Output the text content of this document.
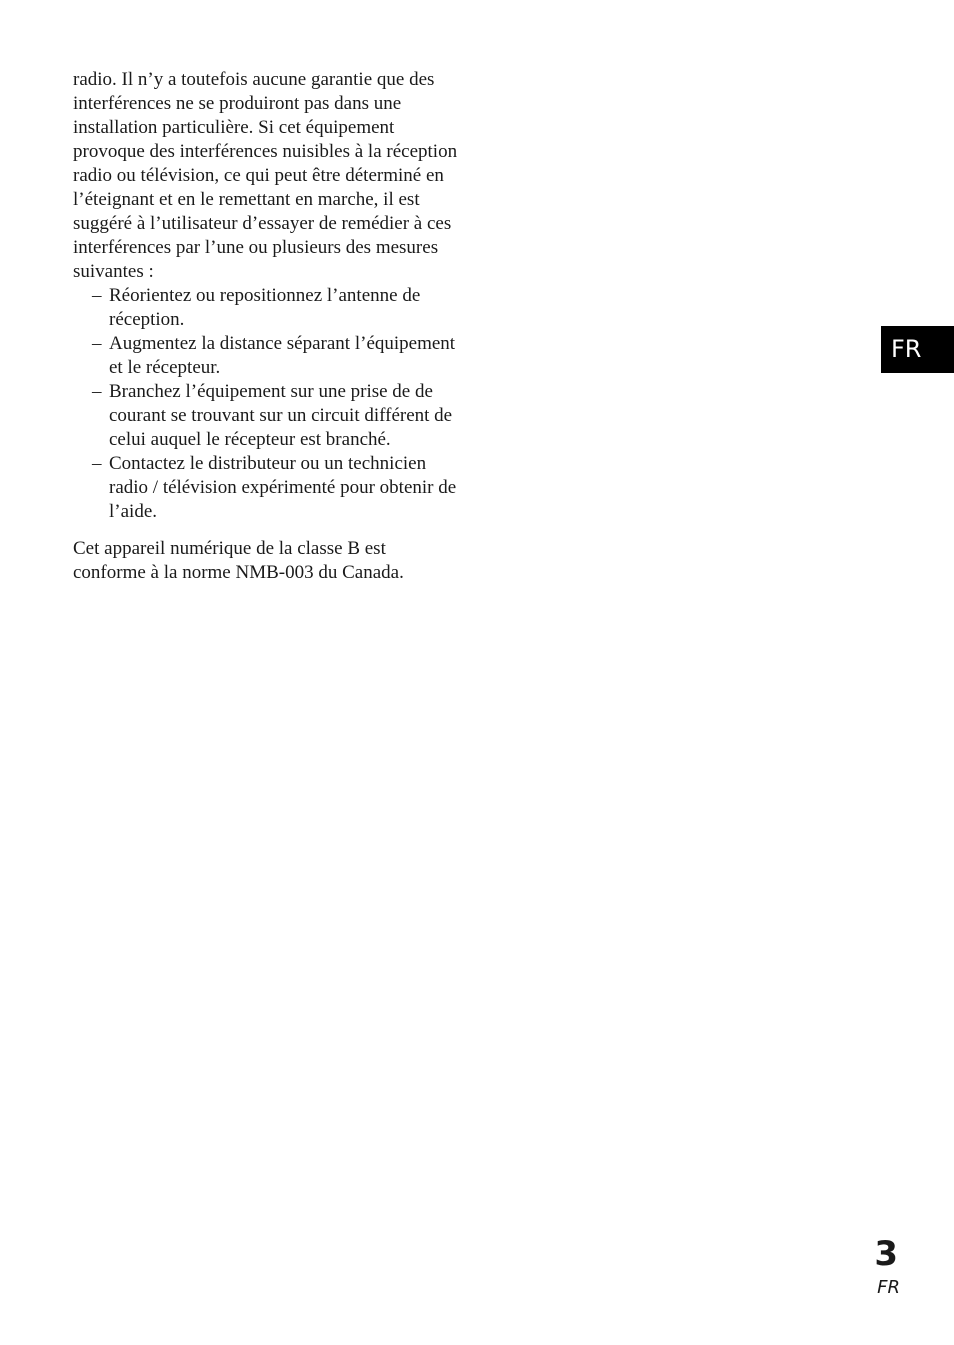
radio. Il n’y a toutefois aucune garantie que des interférences ne se produiront pas dans une installation particulière. Si cet équipement provoque des interférences nuisibles à la réception radio ou télévision, ce qui peut être déterminé en l’éteignant et en le remettant en marche, il est suggéré à l’utilisateur d’essayer de remédier à ces interférences par l’une ou plusieurs des mesures suivantes :

– Réorientez ou repositionnez l’antenne de réception.
– Augmentez la distance séparant l’équipement et le récepteur.
– Branchez l’équipement sur une prise de de courant se trouvant sur un circuit différent de celui auquel le récepteur est branché.
– Contactez le distributeur ou un technicien radio / télévision expérimenté pour obtenir de l’aide.

Cet appareil numérique de la classe B est conforme à la norme NMB-003 du Canada.

FR
3
FR
